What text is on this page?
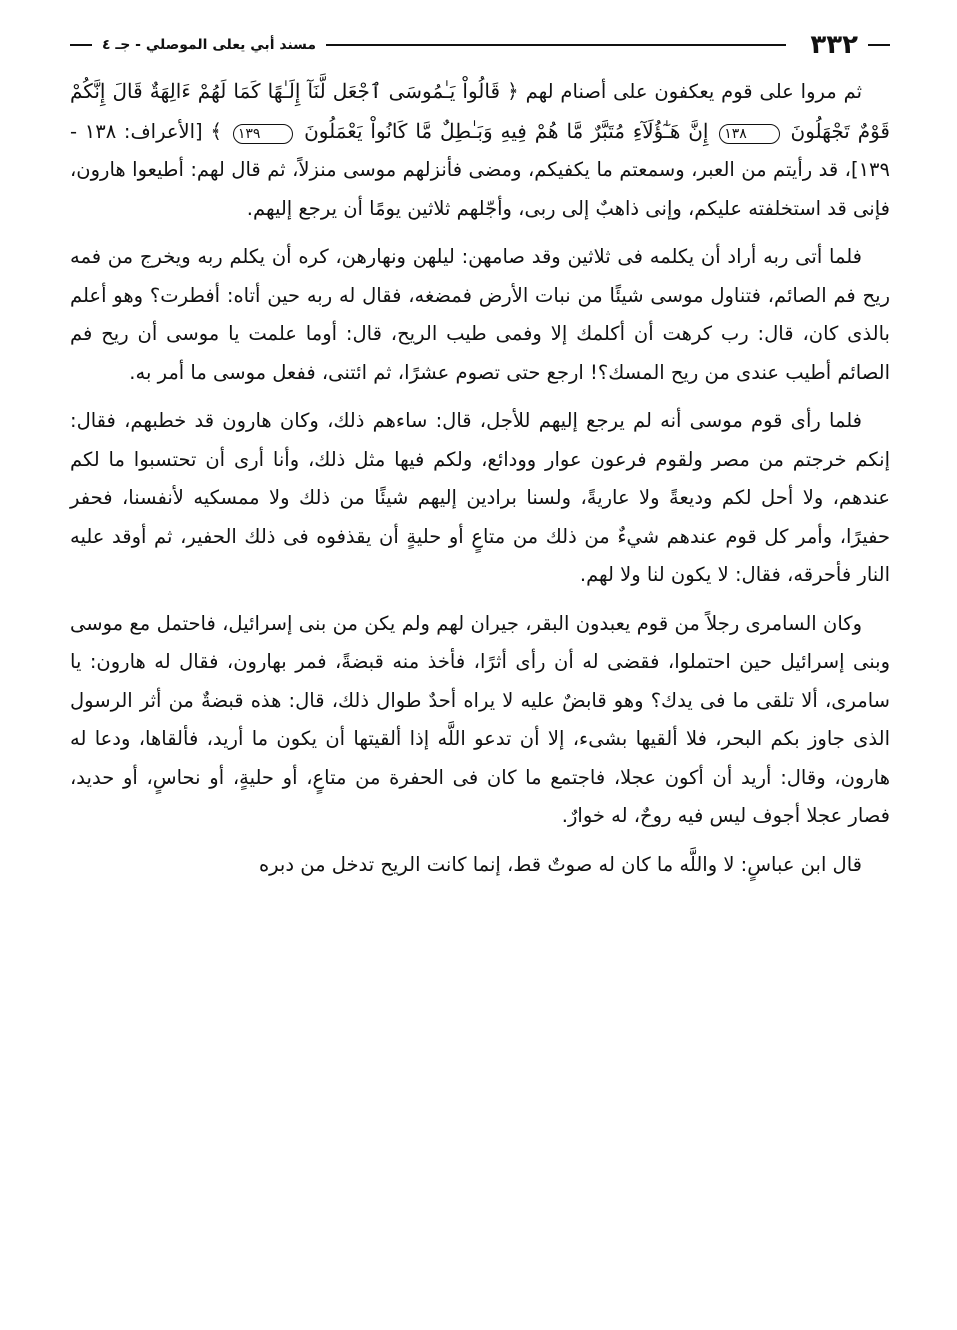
٣٣٢
مسند أبي يعلى الموصلي - جـ ٤

ثم مروا على قوم يعكفون على أصنام لهم ﴿ قَالُواْ يَـٰمُوسَى ٱجْعَل لَّنَآ إِلَـٰهًا كَمَا لَهُمْ ءَالِهَةٌ قَالَ إِنَّكُمْ قَوْمٌ تَجْهَلُونَ ١٣٨ إِنَّ هَـٰٓؤُلَآءِ مُتَبَّرٌ مَّا هُمْ فِيهِ وَبَـٰطِلٌ مَّا كَانُواْ يَعْمَلُونَ ١٣٩ ﴾ [الأعراف: ١٣٨ - ١٣٩]، قد رأيتم من العبر، وسمعتم ما يكفيكم، ومضى فأنزلهم موسى منزلاً، ثم قال لهم: أطيعوا هارون، فإنى قد استخلفته عليكم، وإنى ذاهبٌ إلى ربى، وأجّلهم ثلاثين يومًا أن يرجع إليهم.

فلما أتى ربه أراد أن يكلمه فى ثلاثين وقد صامهن: ليلهن ونهارهن، كره أن يكلم ربه ويخرج من فمه ريح فم الصائم، فتناول موسى شيئًا من نبات الأرض فمضغه، فقال له ربه حين أتاه: أفطرت؟ وهو أعلم بالذى كان، قال: رب كرهت أن أكلمك إلا وفمى طيب الريح، قال: أوما علمت يا موسى أن ريح فم الصائم أطيب عندى من ريح المسك؟! ارجع حتى تصوم عشرًا، ثم ائتنى، ففعل موسى ما أمر به.

فلما رأى قوم موسى أنه لم يرجع إليهم للأجل، قال: ساءهم ذلك، وكان هارون قد خطبهم، فقال: إنكم خرجتم من مصر ولقوم فرعون عوار وودائع، ولكم فيها مثل ذلك، وأنا أرى أن تحتسبوا ما لكم عندهم، ولا أحل لكم وديعةً ولا عاريةً، ولسنا برادين إليهم شيئًا من ذلك ولا ممسكيه لأنفسنا، فحفر حفيرًا، وأمر كل قوم عندهم شيءٌ من ذلك من متاعٍ أو حليةٍ أن يقذفوه فى ذلك الحفير، ثم أوقد عليه النار فأحرقه، فقال: لا يكون لنا ولا لهم.

وكان السامرى رجلاً من قوم يعبدون البقر، جيران لهم ولم يكن من بنى إسرائيل، فاحتمل مع موسى وبنى إسرائيل حين احتملوا، فقضى له أن رأى أثرًا، فأخذ منه قبضةً، فمر بهارون، فقال له هارون: يا سامرى، ألا تلقى ما فى يدك؟ وهو قابضٌ عليه لا يراه أحدٌ طوال ذلك، قال: هذه قبضةٌ من أثر الرسول الذى جاوز بكم البحر، فلا ألقيها بشىء، إلا أن تدعو اللَّه إذا ألقيتها أن يكون ما أريد، فألقاها، ودعا له هارون، وقال: أريد أن أكون عجلا، فاجتمع ما كان فى الحفرة من متاعٍ، أو حليةٍ، أو نحاسٍ، أو حديد، فصار عجلا أجوف ليس فيه روحٌ، له خوارٌ.

قال ابن عباسٍ: لا واللَّه ما كان له صوتٌ قط، إنما كانت الريح تدخل من دبره
